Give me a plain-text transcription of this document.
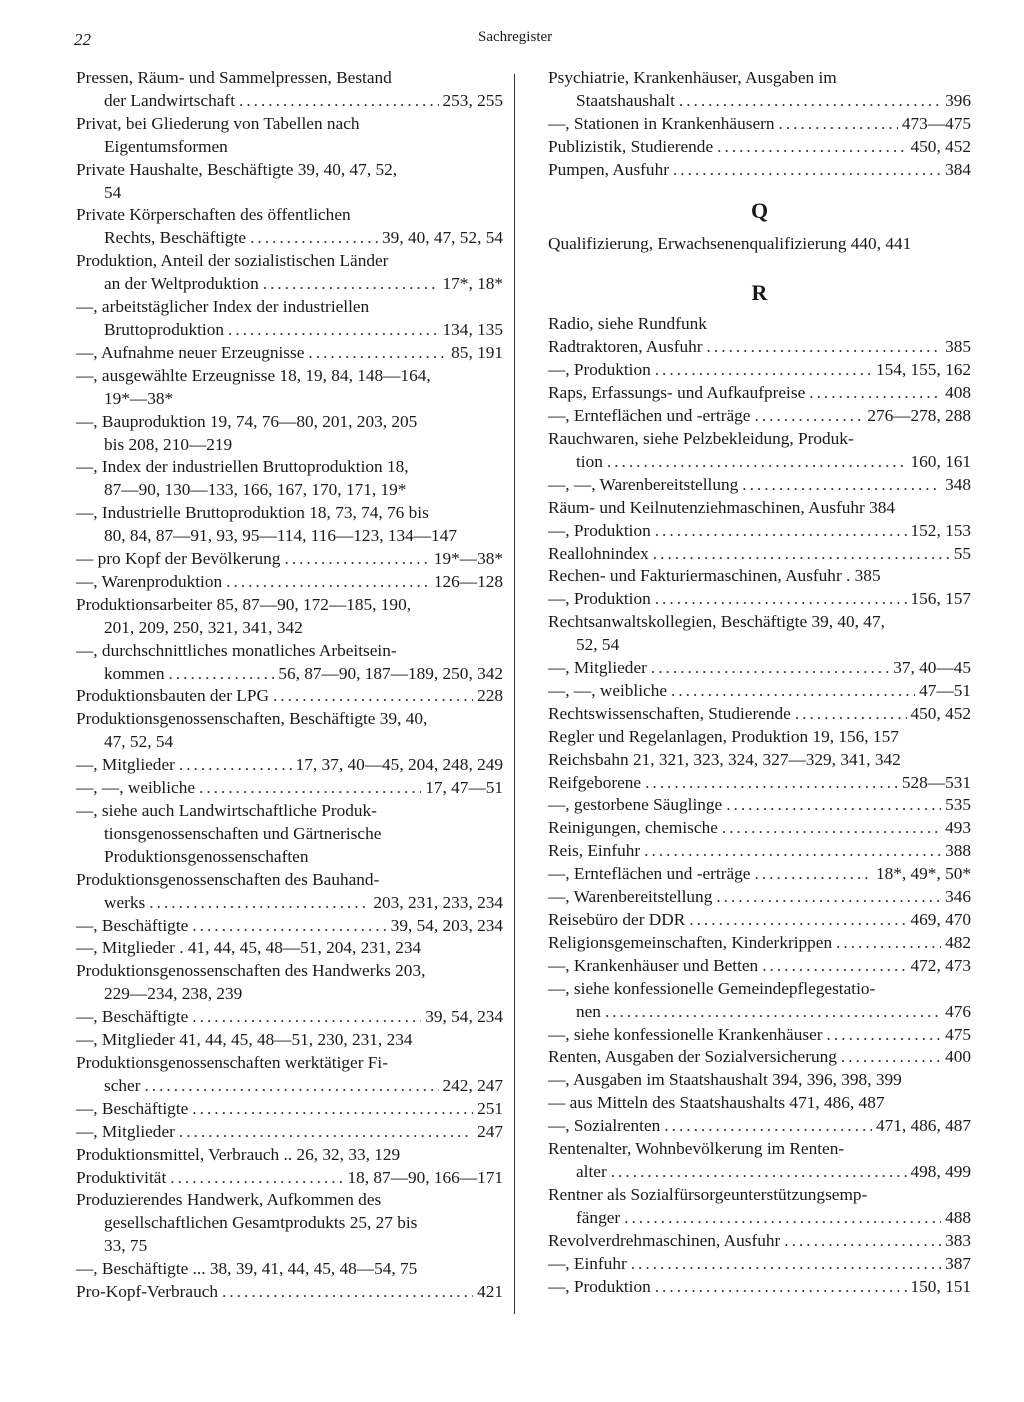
22	Sachregister
Pressen, Räum- und Sammelpressen, Bestand
der Landwirtschaft .....	253, 255
Privat, bei Gliederung von Tabellen nach
Eigentumsformen
Private Haushalte, Beschäftigte 39, 40, 47, 52,
54
Private Körperschaften des öffentlichen
Rechts, Beschäftigte .....	39, 40, 47, 52, 54
Produktion, Anteil der sozialistischen Länder
an der Weltproduktion .....	17*, 18*
—, arbeitstäglicher Index der industriellen
Bruttoproduktion .....	134, 135
—, Aufnahme neuer Erzeugnisse .....	85, 191
—, ausgewählte Erzeugnisse 18, 19, 84, 148—164,
19*—38*
—, Bauproduktion 19, 74, 76—80, 201, 203, 205
bis 208, 210—219
—, Index der industriellen Bruttoproduktion 18,
87—90, 130—133, 166, 167, 170, 171, 19*
—, Industrielle Bruttoproduktion 18, 73, 74, 76 bis
80, 84, 87—91, 93, 95—114, 116—123, 134—147
— pro Kopf der Bevölkerung .....	19*—38*
—, Warenproduktion .....	126—128
Produktionsarbeiter 85, 87—90, 172—185, 190,
201, 209, 250, 321, 341, 342
—, durchschnittliches monatliches Arbeitsein-
kommen .....	56, 87—90, 187—189, 250, 342
Produktionsbauten der LPG .....	228
Produktionsgenossenschaften, Beschäftigte 39, 40,
47, 52, 54
—, Mitglieder .....	17, 37, 40—45, 204, 248, 249
—, —, weibliche .....	17, 47—51
—, siehe auch Landwirtschaftliche Produk-
tionsgenossenschaften und Gärtnerische
Produktionsgenossenschaften
Produktionsgenossenschaften des Bauhand-
werks .....	203, 231, 233, 234
—, Beschäftigte .....	39, 54, 203, 234
—, Mitglieder . 41, 44, 45, 48—51, 204, 231, 234
Produktionsgenossenschaften des Handwerks 203,
229—234, 238, 239
—, Beschäftigte .....	39, 54, 234
—, Mitglieder 41, 44, 45, 48—51, 230, 231, 234
Produktionsgenossenschaften werktätiger Fi-
scher .....	242, 247
—, Beschäftigte .....	251
—, Mitglieder .....	247
Produktionsmittel, Verbrauch .. 26, 32, 33, 129
Produktivität .....	18, 87—90, 166—171
Produzierendes Handwerk, Aufkommen des
gesellschaftlichen Gesamtprodukts 25, 27 bis
33, 75
—, Beschäftigte ... 38, 39, 41, 44, 45, 48—54, 75
Pro-Kopf-Verbrauch .....	421
Psychiatrie, Krankenhäuser, Ausgaben im
Staatshaushalt .....	396
—, Stationen in Krankenhäusern .....	473—475
Publizistik, Studierende .....	450, 452
Pumpen, Ausfuhr .....	384
Q
Qualifizierung, Erwachsenenqualifizierung 440, 441
R
Radio, siehe Rundfunk
Radtraktoren, Ausfuhr .....	385
—, Produktion .....	154, 155, 162
Raps, Erfassungs- und Aufkaufpreise .....	408
—, Ernteflächen und -erträge .....	276—278, 288
Rauchwaren, siehe Pelzbekleidung, Produk-
tion .....	160, 161
—, —, Warenbereitstellung .....	348
Räum- und Keilnutenziehmaschinen, Ausfuhr 384
—, Produktion .....	152, 153
Reallohnindex .....	55
Rechen- und Fakturiermaschinen, Ausfuhr . 385
—, Produktion .....	156, 157
Rechtsanwaltskollegien, Beschäftigte 39, 40, 47,
52, 54
—, Mitglieder .....	37, 40—45
—, —, weibliche .....	47—51
Rechtswissenschaften, Studierende .....	450, 452
Regler und Regelanlagen, Produktion 19, 156, 157
Reichsbahn 21, 321, 323, 324, 327—329, 341, 342
Reifgeborene .....	528—531
—, gestorbene Säuglinge .....	535
Reinigungen, chemische .....	493
Reis, Einfuhr .....	388
—, Ernteflächen und -erträge .....	18*, 49*, 50*
—, Warenbereitstellung .....	346
Reisebüro der DDR .....	469, 470
Religionsgemeinschaften, Kinderkrippen .....	482
—, Krankenhäuser und Betten .....	472, 473
—, siehe konfessionelle Gemeindepflegestatio-
nen .....	476
—, siehe konfessionelle Krankenhäuser .....	475
Renten, Ausgaben der Sozialversicherung .....	400
—, Ausgaben im Staatshaushalt 394, 396, 398, 399
— aus Mitteln des Staatshaushalts 471, 486, 487
—, Sozialrenten .....	471, 486, 487
Rentenalter, Wohnbevölkerung im Renten-
alter .....	498, 499
Rentner als Sozialfürsorgeunterstützungsemp-
fänger .....	488
Revolverdrehmaschinen, Ausfuhr .....	383
—, Einfuhr .....	387
—, Produktion .....	150, 151
